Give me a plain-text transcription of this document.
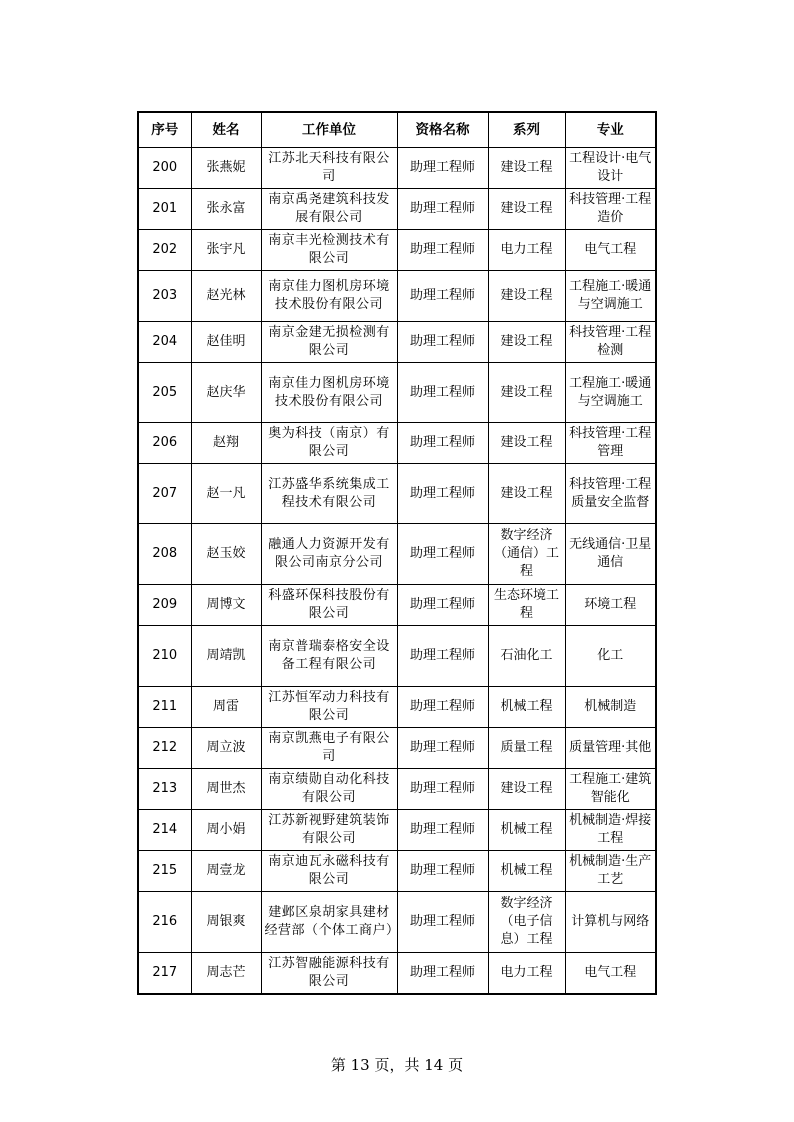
序号	姓名	工作单位	资格名称	系列	专业
200	张燕妮	江苏北天科技有限公司	助理工程师	建设工程	工程设计·电气设计
201	张永富	南京禹尧建筑科技发展有限公司	助理工程师	建设工程	科技管理·工程造价
202	张宇凡	南京丰光检测技术有限公司	助理工程师	电力工程	电气工程
203	赵光林	南京佳力图机房环境技术股份有限公司	助理工程师	建设工程	工程施工·暖通与空调施工
204	赵佳明	南京金建无损检测有限公司	助理工程师	建设工程	科技管理·工程检测
205	赵庆华	南京佳力图机房环境技术股份有限公司	助理工程师	建设工程	工程施工·暖通与空调施工
206	赵翔	奥为科技（南京）有限公司	助理工程师	建设工程	科技管理·工程管理
207	赵一凡	江苏盛华系统集成工程技术有限公司	助理工程师	建设工程	科技管理·工程质量安全监督
208	赵玉姣	融通人力资源开发有限公司南京分公司	助理工程师	数字经济（通信）工程	无线通信·卫星通信
209	周博文	科盛环保科技股份有限公司	助理工程师	生态环境工程	环境工程
210	周靖凯	南京普瑞泰格安全设备工程有限公司	助理工程师	石油化工	化工
211	周雷	江苏恒军动力科技有限公司	助理工程师	机械工程	机械制造
212	周立波	南京凯燕电子有限公司	助理工程师	质量工程	质量管理·其他
213	周世杰	南京绩勋自动化科技有限公司	助理工程师	建设工程	工程施工·建筑智能化
214	周小娟	江苏新视野建筑装饰有限公司	助理工程师	机械工程	机械制造·焊接工程
215	周壹龙	南京迪瓦永磁科技有限公司	助理工程师	机械工程	机械制造·生产工艺
216	周银爽	建邺区泉胡家具建材经营部（个体工商户）	助理工程师	数字经济（电子信息）工程	计算机与网络
217	周志芒	江苏智融能源科技有限公司	助理工程师	电力工程	电气工程
第 13 页，共 14 页
